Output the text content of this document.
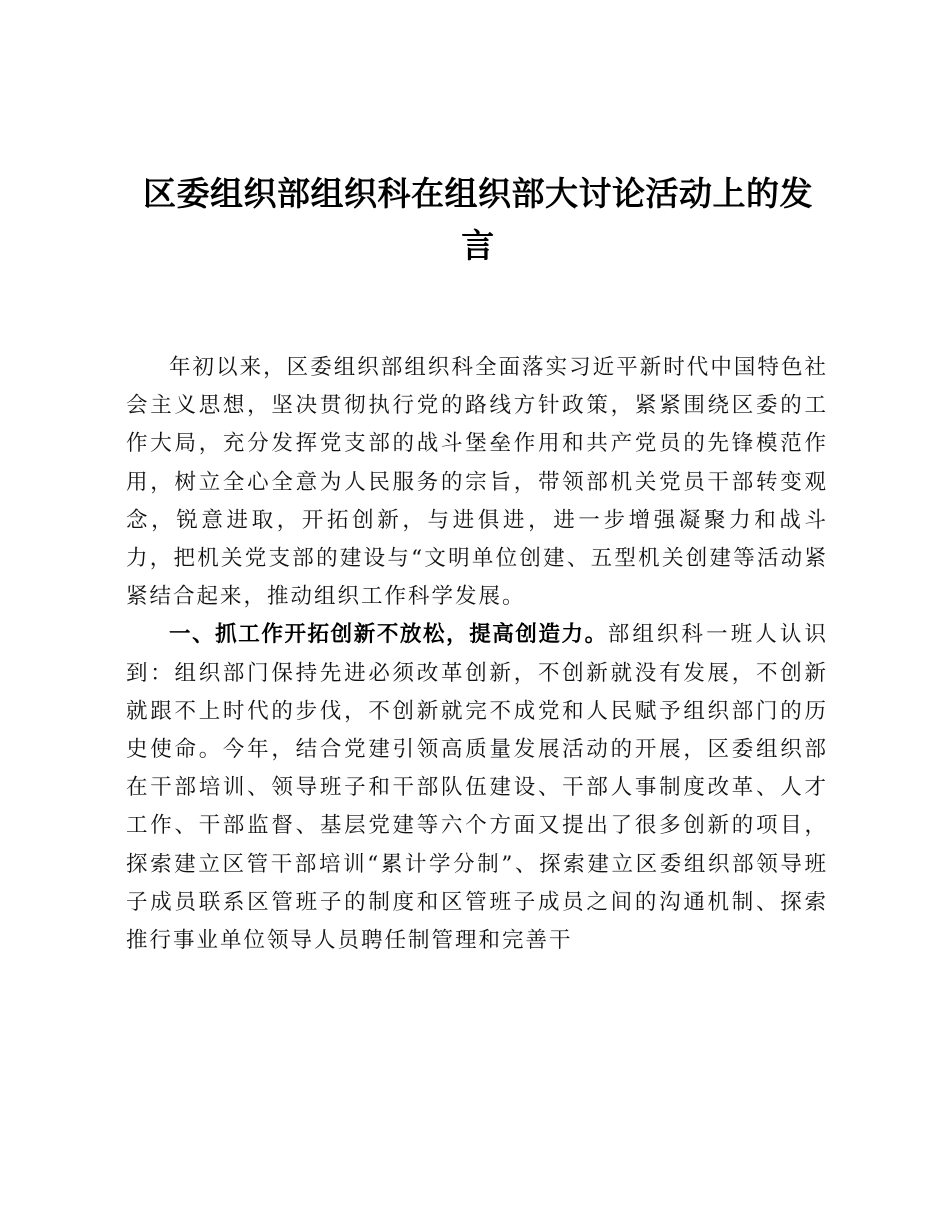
区委组织部组织科在组织部大讨论活动上的发言

年初以来，区委组织部组织科全面落实习近平新时代中国特色社会主义思想，坚决贯彻执行党的路线方针政策，紧紧围绕区委的工作大局，充分发挥党支部的战斗堡垒作用和共产党员的先锋模范作用，树立全心全意为人民服务的宗旨，带领部机关党员干部转变观念，锐意进取，开拓创新，与进俱进，进一步增强凝聚力和战斗力，把机关党支部的建设与“文明单位创建、五型机关创建等活动紧紧结合起来，推动组织工作科学发展。

一、抓工作开拓创新不放松，提高创造力。部组织科一班人认识到：组织部门保持先进必须改革创新，不创新就没有发展，不创新就跟不上时代的步伐，不创新就完不成党和人民赋予组织部门的历史使命。今年，结合党建引领高质量发展活动的开展，区委组织部在干部培训、领导班子和干部队伍建设、干部人事制度改革、人才工作、干部监督、基层党建等六个方面又提出了很多创新的项目，探索建立区管干部培训“累计学分制”、探索建立区委组织部领导班子成员联系区管班子的制度和区管班子成员之间的沟通机制、探索推行事业单位领导人员聘任制管理和完善干
